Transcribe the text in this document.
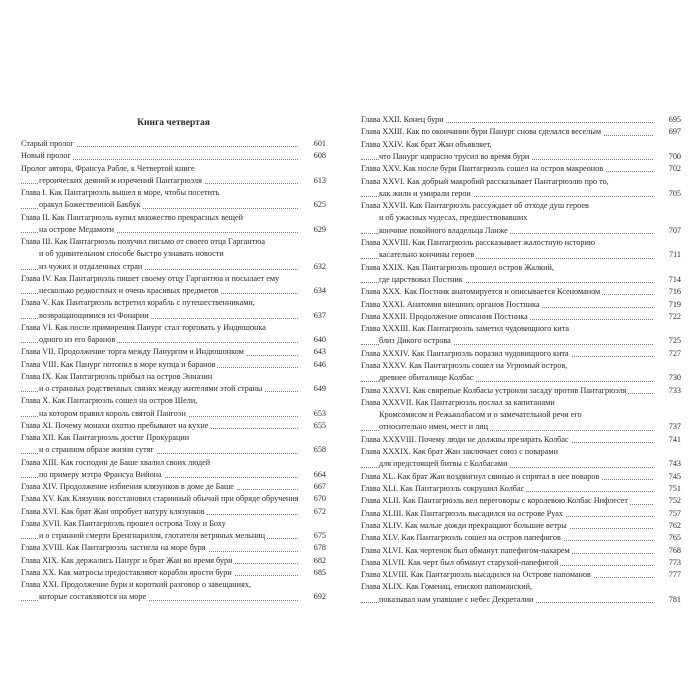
Книга четвертая
Старый пролог	601
Новый пролог	608
Пролог автора, Франсуа Рабле, к Четвертой книге
героических деяний и изречений Пантагрюэля	613
Глава I. Как Пантагрюэль вышел в море, чтобы посетить
оракул Божественной Бакбук	625
Глава II. Как Пантагрюэль купил множество прекрасных вещей
на острове Медамоти	629
Глава III. Как Пантагрюэль получил письмо от своего отца Гаргантюа
и об удивительном способе быстро узнавать новости
из чужих и отдаленных стран	632
Глава IV. Как Пантагрюэль пишет своему отцу Гаргантюа и посылает ему
несколько редкостных и очень красивых предметов	634
Глава V. Как Пантагрюэль встретил корабль с путешественниками,
возвращающимися из Фонарии	637
Глава VI. Как после примирения Панург стал торговать у Индюшонка
одного из его баранов	640
Глава VII. Продолжение торга между Панургом и Индюшонком	643
Глава VIII. Как Панург потопил в море купца и баранов	646
Глава IX. Как Пантагрюэль прибыл на остров Энназин
и о странных родственных связях между жителями этой страны	649
Глава X. Как Пантагрюэль сошел на остров Шели,
на котором правил король святой Пангоэн	653
Глава XI. Почему монахи охотно пребывают на кухне	655
Глава XII. Как Пантагрюэль достиг Прокурации
и о странном образе жизни сутяг	658
Глава XIII. Как господин де Баше хвалил своих людей
по примеру мэтра Франсуа Вийона	664
Глава XIV. Продолжение избиения клязунков в доме де Баше	667
Глава XV. Как Клязуник восстановил старинный обычай при обряде обручения	670
Глава XVI. Как брат Жан опробует натуру клязунков	672
Глава XVII. Как Пантагрюэль прошел острова Тоху и Боху
и о странной смерти Бренгнарилля, глотателя ветряных мельниц	675
Глава XVIII. Как Пантагрюэль застигла на море буря	678
Глава XIX. Как держались Панург и брат Жан во время бури	682
Глава XX. Как матросы предоставляют корабли ярости бури	685
Глава XXI. Продолжение бури и короткий разговор о завещаниях,
которые составляются на море	692
Глава XXII. Конец бури	695
Глава XXIII. Как по окончании бури Панург снова сделался веселым	697
Глава XXIV. Как брат Жан объявляет,
что Панург напрасно трусил во время бури	700
Глава XXV. Как после бури Пантагрюэль сошел на остров макреонов	702
Глава XXVI. Как добрый макробий рассказывает Пантагрюэлю про то,
как жили и умирали герои	705
Глава XXVII. Как Пантагрюэль рассуждает об отходе душ героев
и об ужасных чудесах, предшествовавших
кончине покойного владельца Ланже	707
Глава XXVIII. Как Пантагрюэль рассказывает жалостную историю
касательно кончины героев	711
Глава XXIX. Как Пантагрюэль прошел остров Жалкий,
где царствовал Постник	714
Глава XXX. Как Постник анатомируется и описывается Ксеноманом	716
Глава XXXI. Анатомия внешних органов Постника	719
Глава XXXII. Продолжение описания Постника	722
Глава XXXIII. Как Пантагрюэль заметил чудовищного кита
близ Дикого острова	725
Глава XXXIV. Как Пантагрюэль поразил чудовищного кита	727
Глава XXXV. Как Пантагрюэль сошел на Угрюмый остров,
древнее обиталище Колбас	730
Глава XXXVI. Как свирепые Колбасы устроили засаду против Пантагрюэля	733
Глава XXXVII. Как Пантагрюэль послал за капитанами
Кромсомясом и Режьколбасом и о замечательной речи его
относительно имен, мест и лиц	737
Глава XXXVIII. Почему люди не должны презирать Колбас	741
Глава XXXIX. Как брат Жан заключает союз с поварами
для предстоящей битвы с Колбасами	743
Глава XL. Как брат Жан воздвигнул свинью и спрятал в нее поваров	745
Глава XLI. Как Пантагрюэль сокрушил Колбас	751
Глава XLII. Как Пантагрюэль вел переговоры с королевою Колбас Нифлесет	752
Глава XLIII. Как Пантагрюэль высадился на острове Руах	757
Глава XLIV. Как малые дожди прекращают большие ветры	762
Глава XLV. Как Пантагрюэль сошел на остров папефигов	765
Глава XLVI. Как чертенок был обманут папефигом-пахарем	768
Глава XLVII. Как черт был обманут старухой-папефигой	773
Глава XLVIII. Как Пантагрюэль высадился на Острове папоманов	777
Глава XLIX. Как Гоменац, епископ папоманский,
показывал нам упавшие с небес Декреталии	781
